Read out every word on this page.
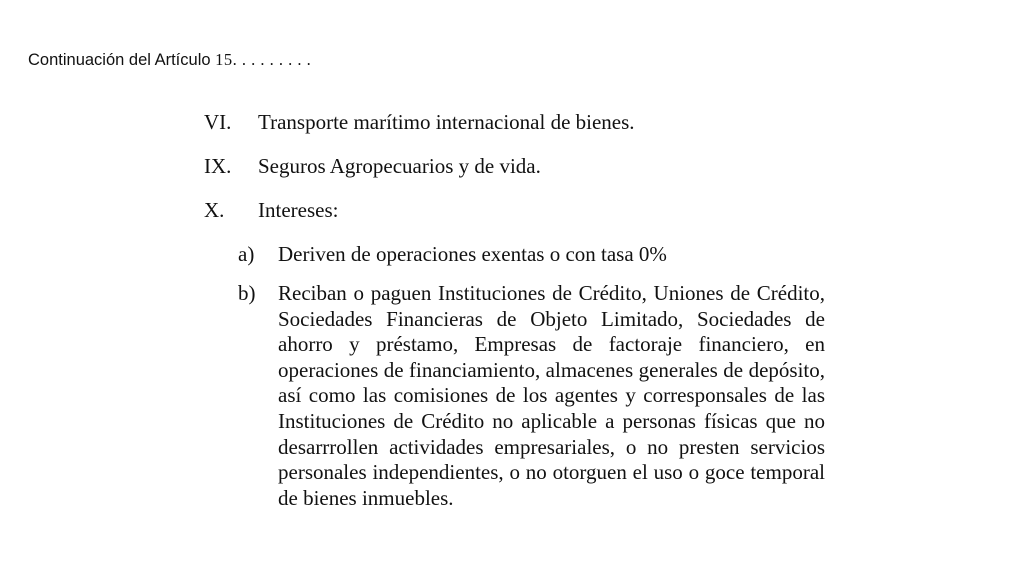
Continuación del Artículo 15. . . . . . . . .
VI. Transporte marítimo internacional de bienes.
IX. Seguros Agropecuarios y de vida.
X. Intereses:
a) Deriven de operaciones exentas o con tasa 0%
b) Reciban o paguen Instituciones de Crédito, Uniones de Crédito, Sociedades Financieras de Objeto Limitado, Sociedades de ahorro y préstamo, Empresas de factoraje financiero, en operaciones de financiamiento, almacenes generales de depósito, así como las comisiones de los agentes y corresponsales de las Instituciones de Crédito no aplicable a personas físicas que no desarrrollen actividades empresariales, o no presten servicios personales independientes, o no otorguen el uso o goce temporal de bienes inmuebles.
